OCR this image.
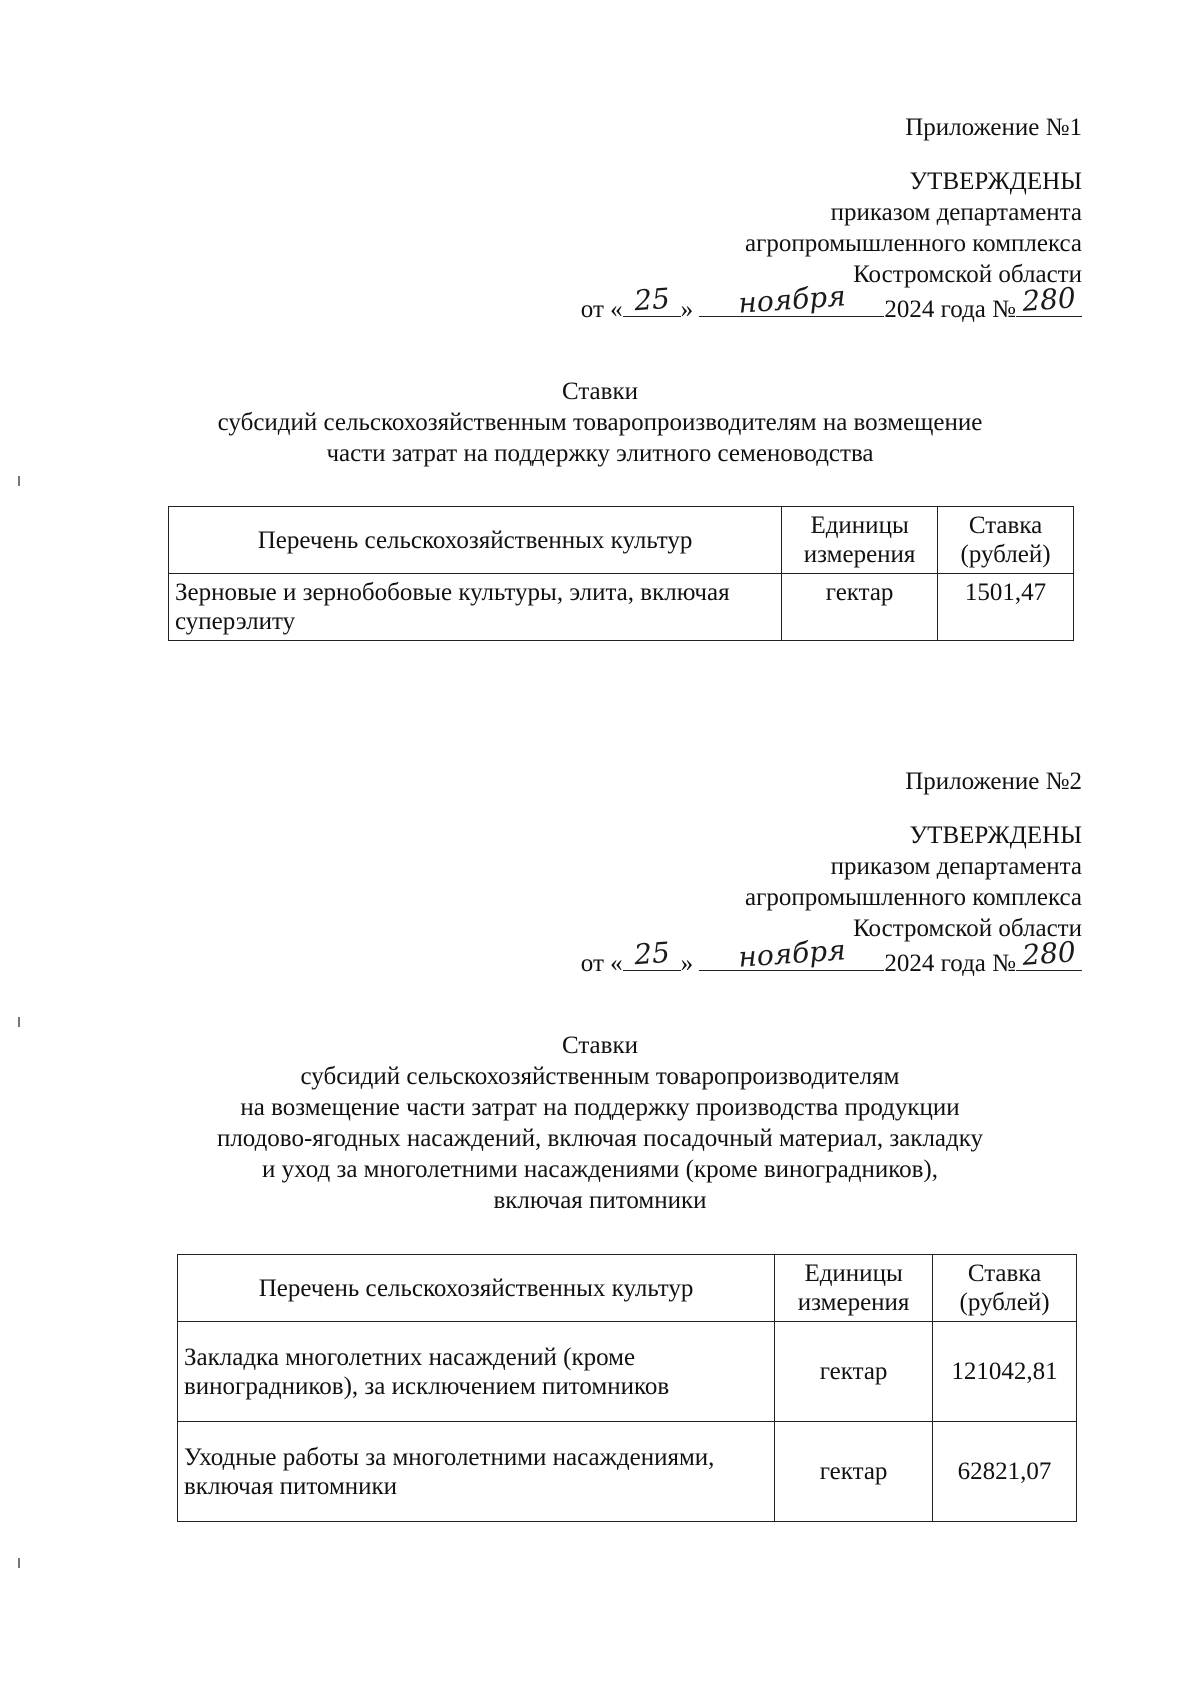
Приложение №1
УТВЕРЖДЕНЫ
приказом департамента
агропромышленного комплекса
Костромской области
от « 25 » ноября 2024 года № 280
Ставки
субсидий сельскохозяйственным товаропроизводителям на возмещение
части затрат на поддержку элитного семеноводства
Перечень сельскохозяйственных культур	Единицы измерения	Ставка (рублей)
Зерновые и зернобобовые культуры, элита, включая суперэлиту	гектар	1501,47
Приложение №2
УТВЕРЖДЕНЫ
приказом департамента
агропромышленного комплекса
Костромской области
от « 25 » ноября 2024 года № 280
Ставки
субсидий сельскохозяйственным товаропроизводителям
на возмещение части затрат на поддержку производства продукции
плодово-ягодных насаждений, включая посадочный материал, закладку
и уход за многолетними насаждениями (кроме виноградников),
включая питомники
Перечень сельскохозяйственных культур	Единицы измерения	Ставка (рублей)
Закладка многолетних насаждений (кроме виноградников), за исключением питомников	гектар	121042,81
Уходные работы за многолетними насаждениями, включая питомники	гектар	62821,07
